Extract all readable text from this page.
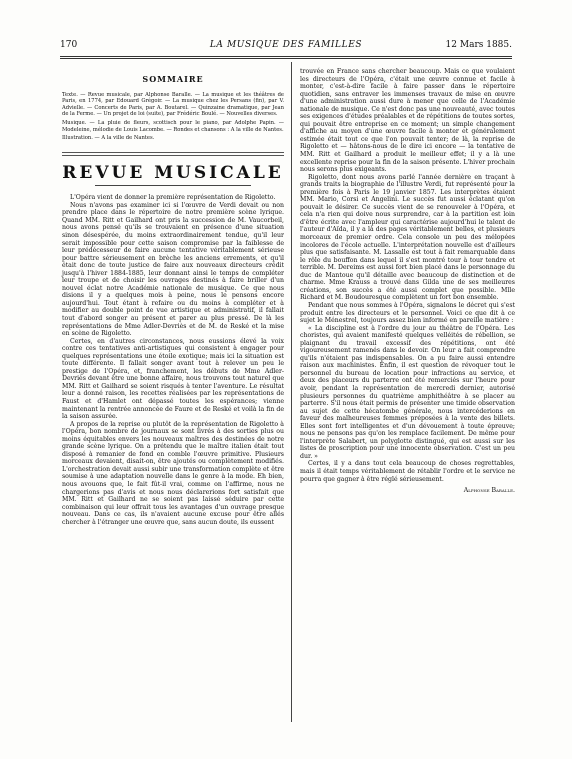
170	LA MUSIQUE DES FAMILLES	12 Mars 1885.
SOMMAIRE

Texte. — Revue musicale, par Alphonse Baralle. — La musique et les théâtres de Paris, en 1774, par Edouard Grégoir. — La musique chez les Persans (fin), par V. Advielle. — Concerts de Paris, par A. Boutarel. — Quinzaine dramatique, par Jean de la Ferme. — Un projet de loi (suite), par Frédéric Boulé. — Nouvelles diverses.

Musique. — La pluie de fleurs, scottisch pour le piano, par Adolphe Papin. — Modeleine, mélodie de Louis Lacombe. — Rondes et chansons : A la ville de Nantes.

Illustration. — A la ville de Nantes.

REVUE MUSICALE

L'Opéra vient de donner la première représentation de Rigoletto.

Nous n'avons pas examiner ici si l'œuvre de Verdi devait ou non prendre place dans le répertoire de notre première scène lyrique. Quand MM. Ritt et Gailhard ont pris la succession de M. Vaucorbeil, nous avons pensé qu'ils se trouvaient en présence d'une situation sinon désespérée, du moins extraordinairement tendue, qu'il leur serait impossible pour cette saison compromise par la faiblesse de leur prédécesseur de faire aucune tentative véritablement sérieuse pour battre sérieusement en brèche les anciens errements, et qu'il était donc de toute justice de faire aux nouveaux directeurs crédit jusqu'à l'hiver 1884-1885, leur donnant ainsi le temps de compléter leur troupe et de choisir les ouvrages destinés à faire briller d'un nouvel éclat notre Académie nationale de musique. Ce que nous disions il y a quelques mois à peine, nous le pensons encore aujourd'hui. Tout étant à refaire ou du moins à compléter et à modifier au double point de vue artistique et administratif, il fallait tout d'abord songer au présent et parer au plus pressé. De là les représentations de Mme Adler-Devriès et de M. de Reské et la mise en scène de Rigoletto.

Certes, en d'autres circonstances, nous eussions élevé la voix contre ces tentatives anti-artistiques qui consistent à engager pour quelques représentations une étoile exotique; mais ici la situation est toute différente. Il fallait songer avant tout à relever un peu le prestige de l'Opéra, et, franchement, les débuts de Mme Adler-Devriès devant être une bonne affaire, nous trouvons tout naturel que MM. Ritt et Gailhard se soient risqués à tenter l'aventure. Le résultat leur a donné raison, les recettes réalisées par les représentations de Faust et d'Hamlet ont dépassé toutes les espérances; vienne maintenant la rentrée annoncée de Faure et de Reské et voilà la fin de la saison assurée.

A propos de la reprise ou plutôt de la représentation de Rigoletto à l'Opéra, bon nombre de journaux se sont livrés à des sorties plus ou moins équitables envers les nouveaux maîtres des destinées de notre grande scène lyrique. On a prétendu que le maître italien était tout disposé à remanier de fond en comble l'œuvre primitive. Plusieurs morceaux devaient, disait-on, être ajoutés ou complètement modifiés. L'orchestration devait aussi subir une transformation complète et être soumise à une adaptation nouvelle dans le genre à la mode. Eh bien, nous avouons que, le fait fût-il vrai, comme on l'affirme, nous ne chargerions pas d'avis et nous nous déclarerions fort satisfait que MM. Ritt et Gailhard ne se soient pas laissé séduire par cette combinaison qui leur offrait tous les avantages d'un ouvrage presque nouveau. Dans ce cas, ils n'avaient aucune excuse pour être allés chercher à l'étranger une œuvre que, sans aucun doute, ils eussent

trouvée en France sans chercher beaucoup. Mais ce que voulaient les directeurs de l'Opéra, c'était une œuvre connue et facile à monter, c'est-à-dire facile à faire passer dans le répertoire quotidien, sans entraver les immenses travaux de mise en œuvre d'une administration aussi dure à mener que celle de l'Académie nationale de musique. Ce n'est donc pas une nouveauté, avec toutes ses exigences d'études préalables et de répétitions de toutes sortes, qui pouvait être entreprise en ce moment; un simple changement d'affiche au moyen d'une œuvre facile à monter et généralement estimée était tout ce que l'on pouvait tenter; de là, la reprise de Rigoletto et — hâtons-nous de le dire ici encore — la tentative de MM. Ritt et Gailhard a produit le meilleur effet; il y a là une excellente reprise pour la fin de la saison présente. L'hiver prochain nous serons plus exigeants.

Rigoletto, dont nous avons parlé l'année dernière en traçant à grands traits la biographie de l'illustre Verdi, fut représenté pour la première fois à Paris le 19 janvier 1857. Les interprètes étaient MM. Mario, Corsi et Angelini. Le succès fut aussi éclatant qu'on pouvait le désirer. Ce succès vient de se renouveler à l'Opéra, et cela n'a rien qui doive nous surprendre, car à la partition est loin d'être écrite avec l'ampleur qui caractérise aujourd'hui le talent de l'auteur d'Aïda, il y a là des pages véritablement belles, et plusieurs morceaux de premier ordre. Cela console un peu des mélopées incolores de l'école actuelle. L'interprétation nouvelle est d'ailleurs plus que satisfaisante. M. Lassalle est tout à fait remarquable dans le rôle du bouffon dans lequel il s'est montré tour à tour tendre et terrible. M. Dereims est aussi fort bien placé dans le personnage du duc de Mantoue qu'il détaille avec beaucoup de distinction et de charme. Mme Krauss a trouvé dans Gilda une de ses meilleures créations, son succès a été aussi complet que possible. Mlle Richard et M. Boudouresque complètent un fort bon ensemble.

Pendant que nous sommes à l'Opéra, signalons le décret qui s'est produit entre les directeurs et le personnel. Voici ce que dit à ce sujet le Ménestrel, toujours assez bien informé en pareille matière :

« La discipline est à l'ordre du jour au théâtre de l'Opéra. Les choristes, qui avaient manifesté quelques velléités de rébellion, se plaignant du travail excessif des répétitions, ont été vigoureusement ramenés dans le devoir. On leur a fait comprendre qu'ils n'étaient pas indispensables. On a pu faire aussi entendre raison aux machinistes. Enfin, il est question de révoquer tout le personnel du bureau de location pour infractions au service, et deux des placeurs du parterre ont été remerciés sur l'heure pour avoir, pendant la représentation de mercredi dernier, autorisé plusieurs personnes du quatrième amphithéâtre à se placer au parterre. S'il nous était permis de présenter une timide observation au sujet de cette hécatombe générale, nous intercéderions en faveur des malheureuses femmes préposées à la vente des billets. Elles sont fort intelligentes et d'un dévouement à toute épreuve; nous ne pensons pas qu'on les remplace facilement. De même pour l'interprète Salabert, un polyglotte distingué, qui est aussi sur les listes de proscription pour une innocente observation. C'est un peu dur. »

Certes, il y a dans tout cela beaucoup de choses regrettables, mais il était temps véritablement de rétablir l'ordre et le service ne pourra que gagner à être réglé sérieusement.

Alphonse Baralle.
